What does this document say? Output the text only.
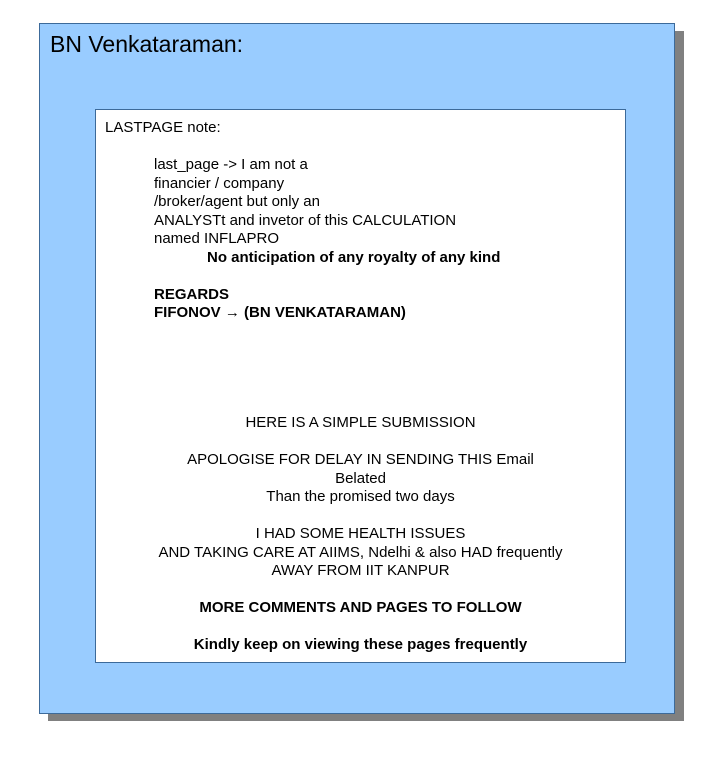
BN Venkataraman:
LASTPAGE note:
last_page -> I am not a
financier / company
/broker/agent but only an
ANALYSTt and invetor of this CALCULATION
named INFLAPRO
No anticipation of any royalty of any kind
REGARDS
FIFONOV → (BN VENKATARAMAN)
HERE IS A SIMPLE SUBMISSION
APOLOGISE FOR DELAY IN SENDING THIS Email
Belated
Than the promised two days
I HAD SOME HEALTH ISSUES
AND TAKING CARE AT AIIMS, Ndelhi & also HAD frequently
AWAY FROM IIT KANPUR
MORE COMMENTS AND PAGES TO FOLLOW
Kindly keep on viewing these pages frequently
